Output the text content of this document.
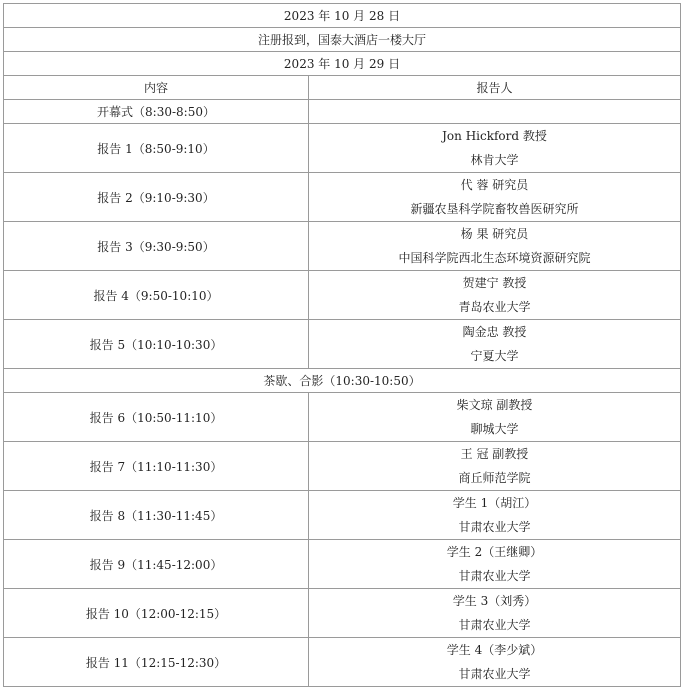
2023 年 10 月 28 日	
注册报到，国泰大酒店一楼大厅	
2023 年 10 月 29 日	
内容	报告人
开幕式（8:30-8:50）	
报告 1（8:50-9:10）	Jon Hickford 教授
林肯大学

报告 2（9:10-9:30）	代 蓉 研究员
新疆农垦科学院畜牧兽医研究所

报告 3（9:30-9:50）	杨 果 研究员
中国科学院西北生态环境资源研究院

报告 4（9:50-10:10）	贺建宁 教授
青岛农业大学

报告 5（10:10-10:30）	陶金忠 教授
宁夏大学

茶歇、合影（10:30-10:50）	
报告 6（10:50-11:10）	柴文琼 副教授
聊城大学

报告 7（11:10-11:30）	王 冠 副教授
商丘师范学院

报告 8（11:30-11:45）	学生 1（胡江）
甘肃农业大学

报告 9（11:45-12:00）	学生 2（王继卿）
甘肃农业大学

报告 10（12:00-12:15）	学生 3（刘秀）
甘肃农业大学

报告 11（12:15-12:30）	学生 4（李少斌）
甘肃农业大学
